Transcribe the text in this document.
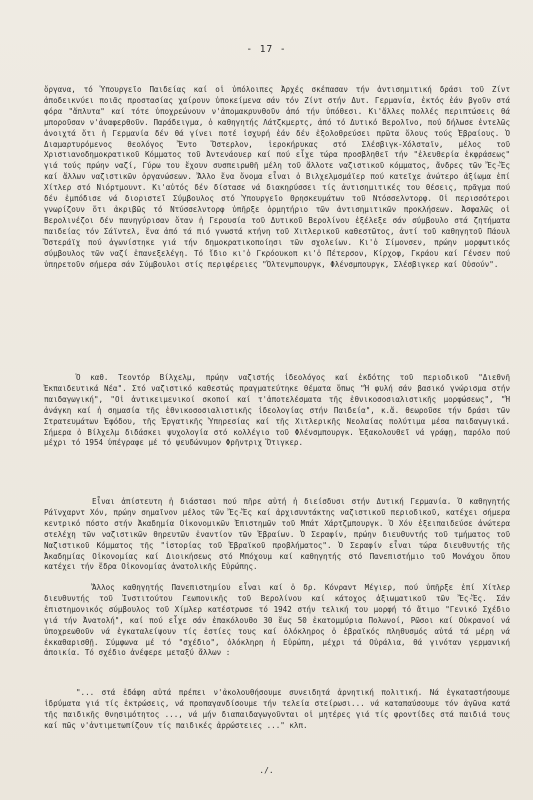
- 17 -

ὄργανα, τό Ὑπουργεῖο Παιδείας καί οἱ ὑπόλοιπες Ἀρχές σκέπασαν τήν ἀντισημιτική δράσι τοῦ Ζίντ ἀποδεικνύει ποιᾶς προστασίας χαίρουν ὑποκείμενα σάν τόν Ζίντ στήν Δυτ. Γερμανία, ἐκτός ἐάν βγοῦν στά φόρα "ἄπλυτα" καί τότε ὑποχρεώνουν ν'ἀπομακρυνθοῦν ἀπό τήν ὑπόθεσι. Κι'ἄλλες πολλές περιπτώσεις θά μποροῦσαν ν'ἀναφερθοῦν. Παράδειγμα, ὁ καθηγητής Λάτζκμερτς, ἀπό τό Δυτικό Βερολῖνο, πού δήλωσε ἐντελῶς ἀνοιχτά ὅτι ἡ Γερμανία δέν θά γίνει ποτέ ἰσχυρή ἐάν δέν ἐξολοθρεύσει πρῶτα ὅλους τούς Ἑβραίους. Ὁ Διαμαρτυρόμενος θεολόγος Ἔντο Ὄστερλον, ἱεροκήρυκας στό Σλέσβιγκ-Χόλσταϊν, μέλος τοῦ Χριστιανοδημοκρατικοῦ Κόμματος τοῦ Ἀντενάουερ καί πού εἶχε τώρα προσβληθεῖ τήν "ἐλευθερία ἐκφράσεως" γιά τούς πρώην ναζί, Γύρω του ἔχουν συσπειρωθῆ μέλη τοῦ ἄλλοτε ναζιστικοῦ κόμματος, ἄνδρες τῶν Ἔς-Ἔς καί ἄλλων ναζιστικῶν ὀργανώσεων. Ἄλλο ἕνα ὄνομα εἶναι ὁ Βιλχελμσμάϊερ πού κατεῖχε ἀνώτερο ἀξίωμα ἐπί Χίτλερ στό Νιόρτμουντ. Κι'αὐτός δέν δίστασε νά διακηρύσσει τίς ἀντισημιτικές του θέσεις, πρᾶγμα πού δέν ἐμπόδισε νά διοριστεῖ Σύμβουλος στό Ὑπουργεῖο Θρησκευμάτων τοῦ Ντόσσελντορφ. Οἱ περισσότεροι γνωρίζουν ὅτι ἀκριβῶς τό Ντύσσελντορφ ὑπῆρξε ὁρμητήριο τῶν ἀντισημιτικῶν προκλήσεων. Ἀσφαλῶς οἱ Βερολινέζοι δέν πανηγύρισαν ὅταν ἡ Γερουσία τοῦ Δυτικοῦ Βερολίνου ἐξέλεξε σάν σύμβουλο στά ζητήματα παιδείας τόν Σάϊντελ, ἕνα ἀπό τά πιό γνωστά κτήνη τοῦ Χιτλερικοῦ καθεστῶτος, ἀντί τοῦ καθηγητοῦ Πάουλ Ὄστεράϊχ πού ἀγωνίστηκε γιά τήν δημοκρατικοποίησι τῶν σχολείων. Κι'ὁ Σίμονσεν, πρώην μορφωτικός σύμβουλος τῶν ναζί ἐπανεξελέγη. Τό ἴδιο κι'ὁ Γκρόουκοπ κι'ὁ Πέτερσον, Κίρχοφ, Γκράου καί Γένσεν πού ὑπηρετοῦν σήμερα σάν Σύμβουλοι στίς περιφέρειες "Ὀλτενμπουργκ, Φλένσμπουργκ, Σλέσβιγκερ καί Οὐσούν".

Ὁ καθ. Τεοντόρ Βίλχελμ, πρώην ναζιστής ἰδεολόγος καί ἐκδότης τοῦ περιοδικοῦ "Διεθνῆ Ἐκπαιδευτικά Νέα". Στό ναζιστικό καθεστώς πραγματεύτηκε θέματα ὅπως "Ἡ φυλή σάν βασικό γνώρισμα στήν παιδαγωγική", "Οἱ ἀντικειμενικοί σκοποί καί τ'ἀποτελέσματα τῆς ἐθνικοσοσιαλιστικῆς μορφώσεως", "Ἡ ἀνάγκη καί ἡ σημασία τῆς ἐθνικοσοσιαλιστικῆς ἰδεολογίας στήν Παιδεία", κ.ἄ. θεωροῦσε τήν δράσι τῶν Στρατευμάτων Ἐφόδου, τῆς Ἐργατικῆς Ὑπηρεσίας καί τῆς Χιτλερικῆς Νεολαίας πολύτιμα μέσα παιδαγωγικά. Σήμερα ὁ Βίλχελμ διδάσκει ψυχολογία στό κολλέγιο τοῦ Φλένσμπουργκ. Ἐξακολουθεῖ νά γράφῃ, παρόλο πού μέχρι τό 1954 ὑπέγραφε μέ τό ψευδώνυμον Φρῆντριχ Ὄτιγκερ.

Εἶναι ἀπίστευτη ἡ διάστασι πού πῆρε αὐτή ἡ διείσδυσι στήν Δυτική Γερμανία. Ὁ καθηγητής Ράϊνχαρντ Χόν, πρώην σημαῖνον μέλος τῶν Ἔς-Ἔς καί ἀρχισυντάκτης ναζιστικοῦ περιοδικοῦ, κατέχει σήμερα κεντρικό πόστο στήν Ἀκαδημία Οἰκονομικῶν Ἐπιστημῶν τοῦ Μπάτ Χάρτζμπουργκ. Ὁ Χόν ἐξειπαιδεύσε ἀνώτερα στελέχη τῶν ναζιστικῶν θηρευτῶν ἐναντίον τῶν Ἑβραίων. Ὁ Σεραφίν, πρώην διευθυντής τοῦ τμήματος τοῦ Ναζιστικοῦ Κόμματος τῆς "ἱστορίας τοῦ Ἑβραϊκοῦ προβλήματος". Ὁ Σεραφίν εἶναι τώρα διευθυντής τῆς Ἀκαδημίας Οἰκονομίας καί Διοικήσεως στό Μπόχουμ καί καθηγητής στό Πανεπιστήμιο τοῦ Μονάχου ὅπου κατέχει τήν ἕδρα Οἰκονομίας ἀνατολικῆς Εὐρώπης.

Ἄλλος καθηγητής Πανεπιστημίου εἶναι καί ὁ δρ. Κόνραντ Μέγιερ, πού ὑπῆρξε ἐπί Χίτλερ διευθυντής τοῦ Ἰνστιτούτου Γεωπονικῆς τοῦ Βερολίνου καί κάτοχος ἀξιωματικοῦ τῶν Ἔς-Ἔς. Σάν ἐπιστημονικός σύμβουλος τοῦ Χίμλερ κατέστρωσε τό 1942 στήν τελική του μορφή τό ἄτιμο "Γενικό Σχέδιο γιά τήν Ἀνατολή", καί πού εἶχε σάν ἐπακόλουθο 30 ἕως 50 ἑκατομμύρια Πολωνοί, Ρῶσοι καί Οὐκρανοί νά ὑποχρεωθοῦν νά ἐγκαταλείψουν τίς ἑστίες τους καί ὁλόκληρος ὁ ἑβραϊκός πληθυσμός αὐτά τά μέρη νά ἐκκαθαρισθῇ. Σύμφωνα μέ τό "σχέδιο", ὁλόκληρη ἡ Εὐρώπη, μέχρι τά Οὐράλια, θά γινόταν γερμανική ἀποικία. Τό σχέδιο ἀνέφερε μεταξύ ἄλλων :

"... στά ἐδάφη αὐτά πρέπει ν'ἀκολουθήσουμε συνειδητά ἀρνητική πολιτική. Νά ἐγκαταστήσουμε ἱδρύματα γιά τίς ἐκτρώσεις, νά προπαγανδίσουμε τήν τελεία στείρωσι... νά καταπαύσουμε τόν ἀγῶνα κατά τῆς παιδικῆς θνησιμότητος ..., νά μήν διαπαιδαγωγοῦνται οἱ μητέρες γιά τίς φροντίδες στά παιδιά τους καί πῶς ν'ἀντιμετωπίζουν τίς παιδικές ἀρρώστειες ..." κλπ.

./.
